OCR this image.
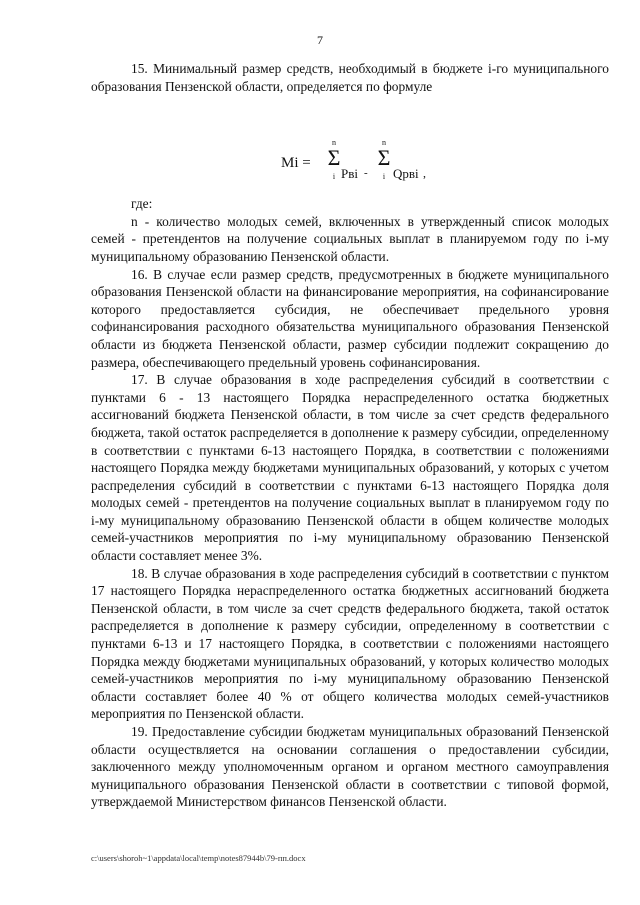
7

15. Минимальный размер средств, необходимый в бюджете i-го муниципального образования Пензенской области, определяется по формуле

Mi =
n
Σ
i Рвi -
n
Σ
i Qрвi ,

где:

n - количество молодых семей, включенных в утвержденный список молодых семей - претендентов на получение социальных выплат в планируемом году по i-му муниципальному образованию Пензенской области.

16. В случае если размер средств, предусмотренных в бюджете муниципального образования Пензенской области на финансирование мероприятия, на софинансирование которого предоставляется субсидия, не обеспечивает предельного уровня софинансирования расходного обязательства муниципального образования Пензенской области из бюджета Пензенской области, размер субсидии подлежит сокращению до размера, обеспечивающего предельный уровень софинансирования.

17. В случае образования в ходе распределения субсидий в соответствии с пунктами 6 - 13 настоящего Порядка нераспределенного остатка бюджетных ассигнований бюджета Пензенской области, в том числе за счет средств федерального бюджета, такой остаток распределяется в дополнение к размеру субсидии, определенному в соответствии с пунктами 6-13 настоящего Порядка, в соответствии с положениями настоящего Порядка между бюджетами муниципальных образований, у которых с учетом распределения субсидий в соответствии с пунктами 6-13 настоящего Порядка доля молодых семей - претендентов на получение социальных выплат в планируемом году по i-му муниципальному образованию Пензенской области в общем количестве молодых семей-участников мероприятия по i-му муниципальному образованию Пензенской области составляет менее 3%.

18. В случае образования в ходе распределения субсидий в соответствии с пунктом 17 настоящего Порядка нераспределенного остатка бюджетных ассигнований бюджета Пензенской области, в том числе за счет средств федерального бюджета, такой остаток распределяется в дополнение к размеру субсидии, определенному в соответствии с пунктами 6-13 и 17 настоящего Порядка, в соответствии с положениями настоящего Порядка между бюджетами муниципальных образований, у которых количество молодых семей-участников мероприятия по i-му муниципальному образованию Пензенской области составляет более 40 % от общего количества молодых семей-участников мероприятия по Пензенской области.

19. Предоставление субсидии бюджетам муниципальных образований Пензенской области осуществляется на основании соглашения о предоставлении субсидии, заключенного между уполномоченным органом и органом местного самоуправления муниципального образования Пензенской области в соответствии с типовой формой, утверждаемой Министерством финансов Пензенской области.

c:\users\shoroh~1\appdata\local\temp\notes87944b\79-пп.docx
